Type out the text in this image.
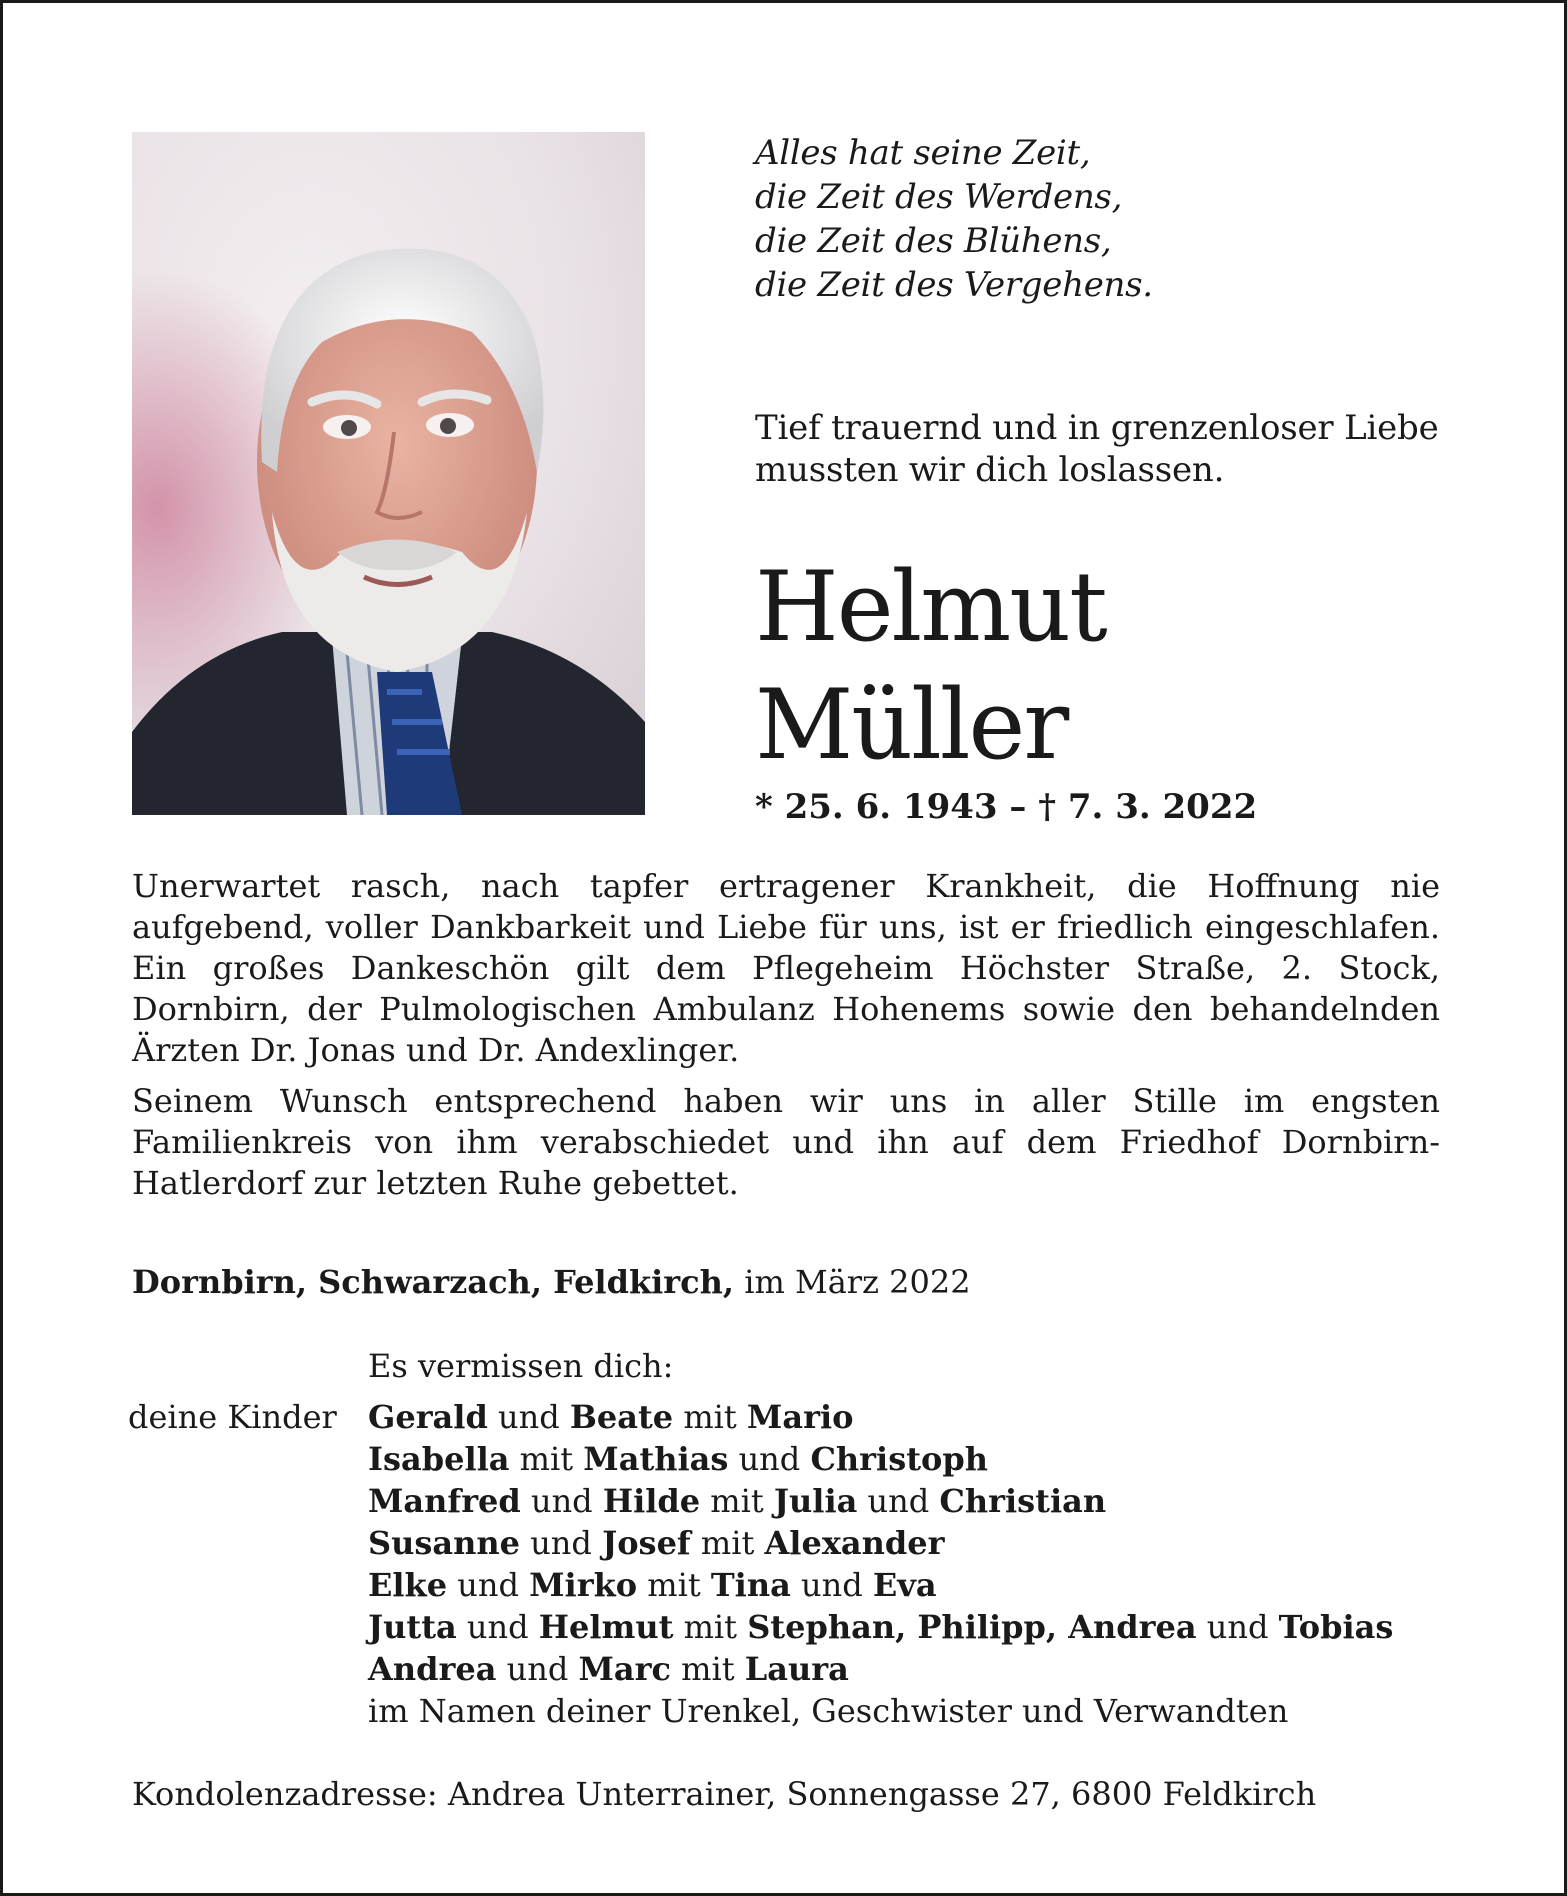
Alles hat seine Zeit,
die Zeit des Werdens,
die Zeit des Blühens,
die Zeit des Vergehens.
Tief trauernd und in grenzenloser Liebe
mussten wir dich loslassen.
Helmut
Müller
* 25. 6. 1943 – † 7. 3. 2022

Unerwartet rasch, nach tapfer ertragener Krankheit, die Hoffnung nie aufgebend, voller Dankbarkeit und Liebe für uns, ist er friedlich eingeschlafen. Ein großes Dankeschön gilt dem Pflegeheim Höchster Straße, 2. Stock, Dornbirn, der Pulmologischen Ambulanz Hohenems sowie den behandelnden Ärzten Dr. Jonas und Dr. Andexlinger.

Seinem Wunsch entsprechend haben wir uns in aller Stille im engsten Familienkreis von ihm verabschiedet und ihn auf dem Friedhof Dornbirn-Hatlerdorf zur letzten Ruhe gebettet.

Dornbirn, Schwarzach, Feldkirch, im März 2022
Es vermissen dich:
deine Kinder Gerald und Beate mit Mario
Isabella mit Mathias und Christoph
Manfred und Hilde mit Julia und Christian
Susanne und Josef mit Alexander
Elke und Mirko mit Tina und Eva
Jutta und Helmut mit Stephan, Philipp, Andrea und Tobias
Andrea und Marc mit Laura
im Namen deiner Urenkel, Geschwister und Verwandten
Kondolenzadresse: Andrea Unterrainer, Sonnengasse 27, 6800 Feldkirch
